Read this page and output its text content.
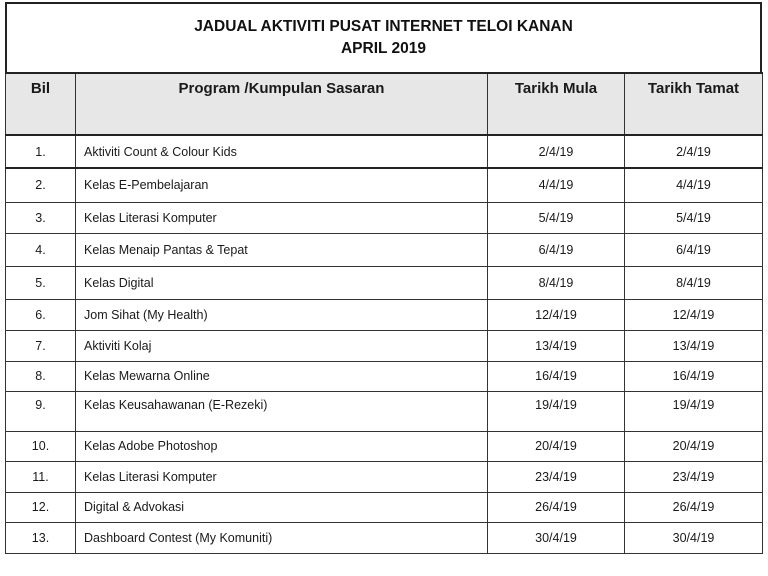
JADUAL AKTIVITI PUSAT INTERNET TELOI KANAN
APRIL 2019
Bil	Program /Kumpulan Sasaran	Tarikh Mula	Tarikh Tamat
1.	Aktiviti Count & Colour Kids	2/4/19	2/4/19
2.	Kelas E-Pembelajaran	4/4/19	4/4/19
3.	Kelas Literasi Komputer	5/4/19	5/4/19
4.	Kelas Menaip Pantas & Tepat	6/4/19	6/4/19
5.	Kelas Digital	8/4/19	8/4/19
6.	Jom Sihat (My Health)	12/4/19	12/4/19
7.	Aktiviti Kolaj	13/4/19	13/4/19
8.	Kelas Mewarna Online	16/4/19	16/4/19
9.	Kelas Keusahawanan (E-Rezeki)	19/4/19	19/4/19
10.	Kelas Adobe Photoshop	20/4/19	20/4/19
11.	Kelas Literasi Komputer	23/4/19	23/4/19
12.	Digital & Advokasi	26/4/19	26/4/19
13.	Dashboard Contest (My Komuniti)	30/4/19	30/4/19
